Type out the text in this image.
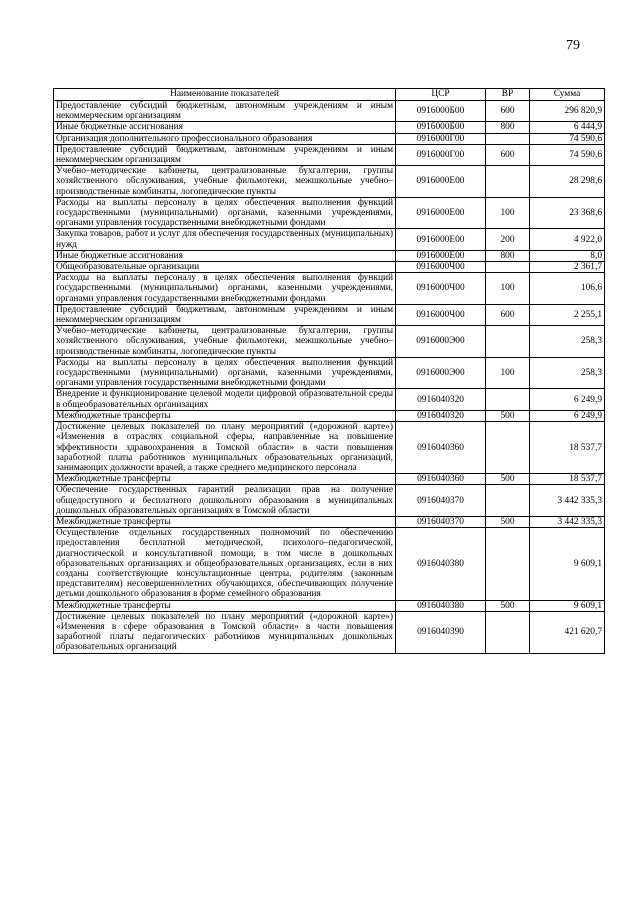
79
Наименование показателей	ЦСР	ВР	Сумма
Предоставление субсидий бюджетным, автономным учреждениям и иным некоммерческим организациям	0916000Б00	600	296 820,9
Иные бюджетные ассигнования	0916000Б00	800	6 444,9
Организация дополнительного профессионального образования	0916000Г00		74 590,6
Предоставление субсидий бюджетным, автономным учреждениям и иным некоммерческим организациям	0916000Г00	600	74 590,6
Учебно–методические кабинеты, централизованные бухгалтерии, группы хозяйственного обслуживания, учебные фильмотеки, межшкольные учебно–производственные комбинаты, логопедические пункты	0916000Е00		28 298,6
Расходы на выплаты персоналу в целях обеспечения выполнения функций государственными (муниципальными) органами, казенными учреждениями, органами управления государственными внебюджетными фондами	0916000Е00	100	23 368,6
Закупка товаров, работ и услуг для обеспечения государственных (муниципальных) нужд	0916000Е00	200	4 922,0
Иные бюджетные ассигнования	0916000Е00	800	8,0
Общеобразовательные организации	0916000Ч00		2 361,7
Расходы на выплаты персоналу в целях обеспечения выполнения функций государственными (муниципальными) органами, казенными учреждениями, органами управления государственными внебюджетными фондами	0916000Ч00	100	106,6
Предоставление субсидий бюджетным, автономным учреждениям и иным некоммерческим организациям	0916000Ч00	600	2 255,1
Учебно–методические кабинеты, централизованные бухгалтерии, группы хозяйственного обслуживания, учебные фильмотеки, межшкольные учебно–производственные комбинаты, логопедические пункты	0916000Э00		258,3
Расходы на выплаты персоналу в целях обеспечения выполнения функций государственными (муниципальными) органами, казенными учреждениями, органами управления государственными внебюджетными фондами	0916000Э00	100	258,3
Внедрение и функционирование целевой модели цифровой образовательной среды в общеобразовательных организациях	0916040320		6 249,9
Межбюджетные трансферты	0916040320	500	6 249,9
Достижение целевых показателей по плану мероприятий («дорожной карте») «Изменения в отраслях социальной сферы, направленные на повышение эффективности здравоохранения в Томской области» в части повышения заработной платы работников муниципальных образовательных организаций, занимающих должности врачей, а также среднего медицинского персонала	0916040360		18 537,7
Межбюджетные трансферты	0916040360	500	18 537,7
Обеспечение государственных гарантий реализации прав на получение общедоступного и бесплатного дошкольного образования в муниципальных дошкольных образовательных организациях в Томской области	0916040370		3 442 335,3
Межбюджетные трансферты	0916040370	500	3 442 335,3
Осуществление отдельных государственных полномочий по обеспечению предоставления бесплатной методической, психолого–педагогической, диагностической и консультативной помощи, в том числе в дошкольных образовательных организациях и общеобразовательных организациях, если в них созданы соответствующие консультационные центры, родителям (законным представителям) несовершеннолетних обучающихся, обеспечивающих получение детьми дошкольного образования в форме семейного образования	0916040380		9 609,1
Межбюджетные трансферты	0916040380	500	9 609,1
Достижение целевых показателей по плану мероприятий («дорожной карте») «Изменения в сфере образования в Томской области» в части повышения заработной платы педагогических работников муниципальных дошкольных образовательных организаций	0916040390		421 620,7
